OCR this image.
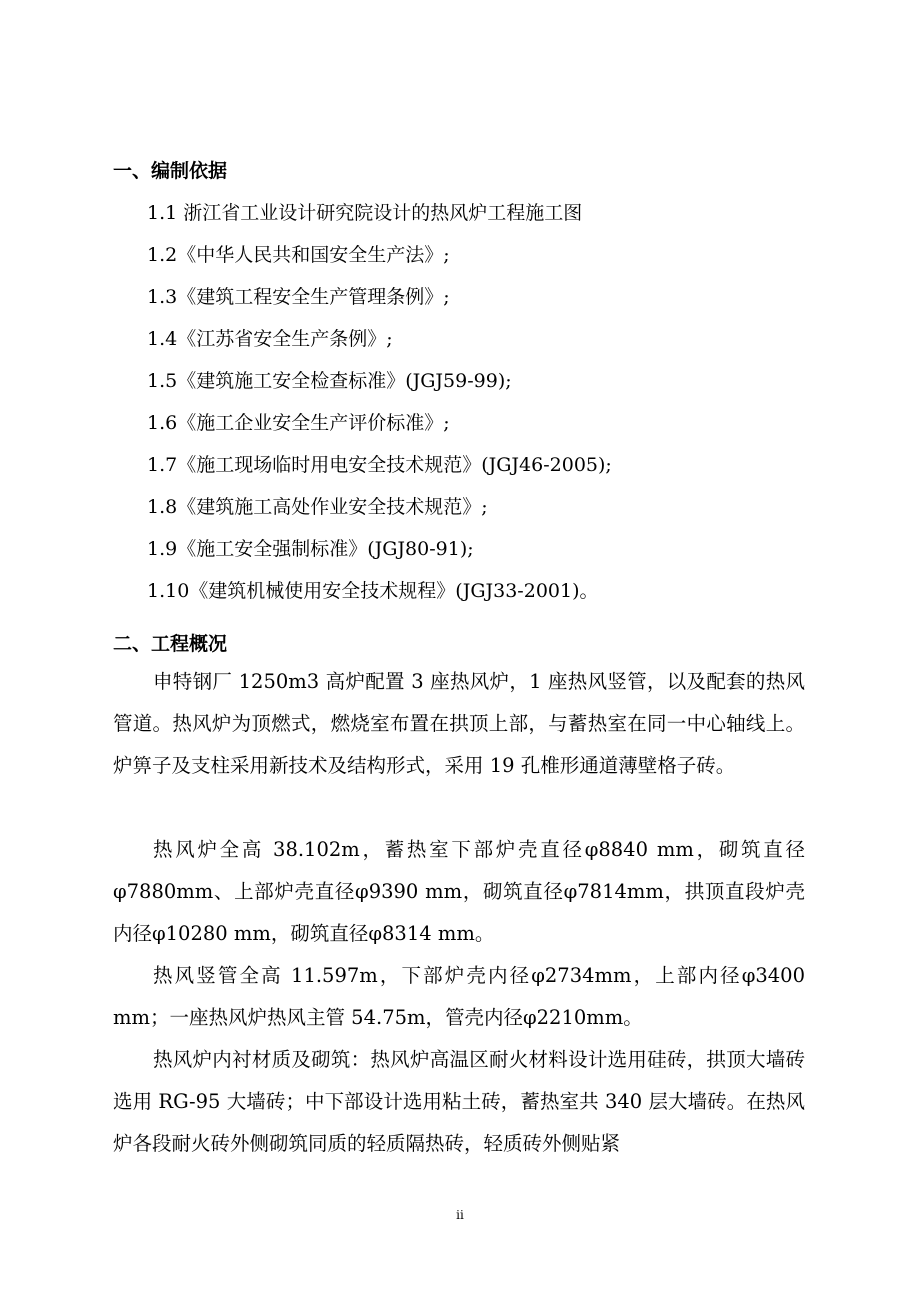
一、编制依据
1.1 浙江省工业设计研究院设计的热风炉工程施工图
1.2《中华人民共和国安全生产法》;
1.3《建筑工程安全生产管理条例》;
1.4《江苏省安全生产条例》;
1.5《建筑施工安全检查标准》(JGJ59-99);
1.6《施工企业安全生产评价标准》;
1.7《施工现场临时用电安全技术规范》(JGJ46-2005);
1.8《建筑施工高处作业安全技术规范》;
1.9《施工安全强制标准》(JGJ80-91);
1.10《建筑机械使用安全技术规程》(JGJ33-2001)。
二、工程概况

申特钢厂 1250m3 高炉配置 3 座热风炉，1 座热风竖管，以及配套的热风管道。热风炉为顶燃式，燃烧室布置在拱顶上部，与蓄热室在同一中心轴线上。炉箅子及支柱采用新技术及结构形式，采用 19 孔椎形通道薄壁格子砖。

热风炉全高 38.102m，蓄热室下部炉壳直径φ8840 mm，砌筑直径φ7880mm、上部炉壳直径φ9390 mm，砌筑直径φ7814mm，拱顶直段炉壳内径φ10280 mm，砌筑直径φ8314 mm。

热风竖管全高 11.597m，下部炉壳内径φ2734mm，上部内径φ3400 mm；一座热风炉热风主管 54.75m，管壳内径φ2210mm。

热风炉内衬材质及砌筑：热风炉高温区耐火材料设计选用硅砖，拱顶大墙砖选用 RG-95 大墙砖；中下部设计选用粘土砖，蓄热室共 340 层大墙砖。在热风炉各段耐火砖外侧砌筑同质的轻质隔热砖，轻质砖外侧贴紧

ii
